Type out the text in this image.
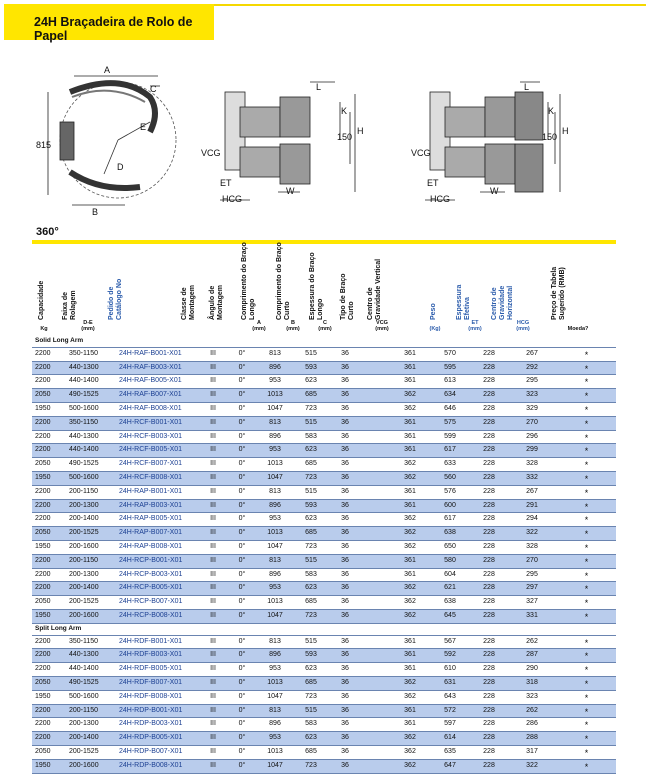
24H Braçadeira de Rolo de Papel
A
C
E
D
B
815
L
K
H
150
VCG
ET
W
HCG
L
K
H
150
VCG
ET
W
HCG
360°
Capacidade Faixa de Rolagem	Pedido de Catálogo No	Classe de Montagem Ângulo de Montagem Comprimento do Braço Longo	Comprimento do Braço Curto	Espessura do Braço Longo Tipo de Braço Curto Centro de Gravidade Vertical	Peso	Espessura Efetiva	Centro de Gravidade Horizontal	Preço de Tabela Sugerido (RMB)
Kg
D-E (mm)
A (mm)
B (mm)
C (mm)
VCG (mm)	(Kg)
ET (mm)
HCG (mm)	Moeda?
Solid Long Arm													
2200	350-1150	24H-RAF-B001-X01	III	0°	813	515	36		361	570	228	267	*
2200	440-1300	24H-RAF-B003-X01	III	0°	896	593	36		361	595	228	292	*
2200	440-1400	24H-RAF-B005-X01	III	0°	953	623	36		361	613	228	295	*
2050	490-1525	24H-RAF-B007-X01	III	0°	1013	685	36		362	634	228	323	*
1950	500-1600	24H-RAF-B008-X01	III	0°	1047	723	36		362	646	228	329	*
2200	350-1150	24H-RCF-B001-X01	III	0°	813	515	36		361	575	228	270	*
2200	440-1300	24H-RCF-B003-X01	III	0°	896	583	36		361	599	228	296	*
2200	440-1400	24H-RCF-B005-X01	III	0°	953	623	36		361	617	228	299	*
2050	490-1525	24H-RCF-B007-X01	III	0°	1013	685	36		362	633	228	328	*
1950	500-1600	24H-RCF-B008-X01	III	0°	1047	723	36		362	560	228	332	*
2200	200-1150	24H-RAP-B001-X01	III	0°	813	515	36		361	576	228	267	*
2200	200-1300	24H-RAP-B003-X01	III	0°	896	593	36		361	600	228	291	*
2200	200-1400	24H-RAP-B005-X01	III	0°	953	623	36		362	617	228	294	*
2050	200-1525	24H-RAP-B007-X01	III	0°	1013	685	36		362	638	228	322	*
1950	200-1600	24H-RAP-B008-X01	III	0°	1047	723	36		362	650	228	328	*
2200	200-1150	24H-RCP-B001-X01	III	0°	813	515	36		361	580	228	270	*
2200	200-1300	24H-RCP-B003-X01	III	0°	896	583	36		361	604	228	295	*
2200	200-1400	24H-RCP-B005-X01	III	0°	953	623	36		362	621	228	297	*
2050	200-1525	24H-RCP-B007-X01	III	0°	1013	685	36		362	638	228	327	*
1950	200-1600	24H-RCP-B008-X01	III	0°	1047	723	36		362	645	228	331	*
Split Long Arm													
2200	350-1150	24H-RDF-B001-X01	III	0°	813	515	36		361	567	228	262	*
2200	440-1300	24H-RDF-B003-X01	III	0°	896	593	36		361	592	228	287	*
2200	440-1400	24H-RDF-B005-X01	III	0°	953	623	36		361	610	228	290	*
2050	490-1525	24H-RDF-B007-X01	III	0°	1013	685	36		362	631	228	318	*
1950	500-1600	24H-RDF-B008-X01	III	0°	1047	723	36		362	643	228	323	*
2200	200-1150	24H-RDP-B001-X01	III	0°	813	515	36		361	572	228	262	*
2200	200-1300	24H-RDP-B003-X01	III	0°	896	583	36		361	597	228	286	*
2200	200-1400	24H-RDP-B005-X01	III	0°	953	623	36		362	614	228	288	*
2050	200-1525	24H-RDP-B007-X01	III	0°	1013	685	36		362	635	228	317	*
1950	200-1600	24H-RDP-B008-X01	III	0°	1047	723	36		362	647	228	322	*
